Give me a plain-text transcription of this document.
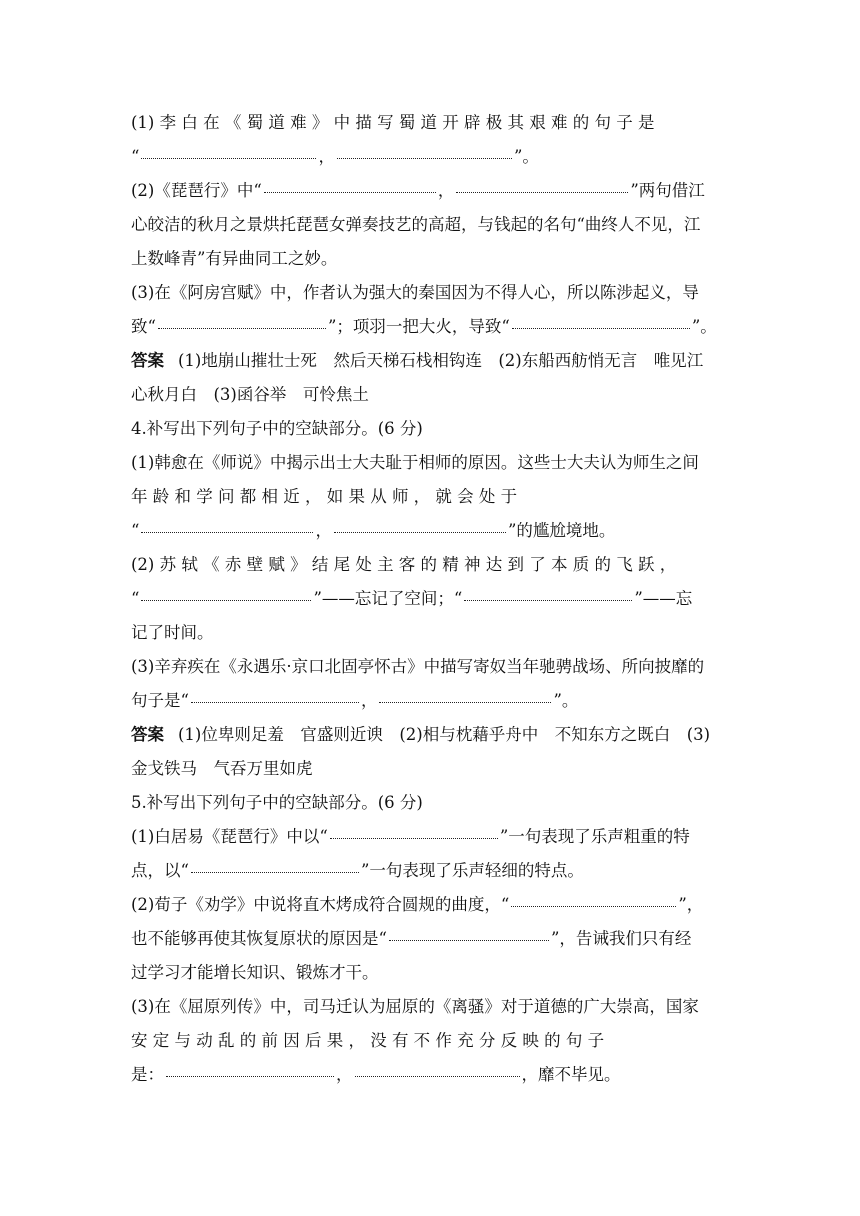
(1) 李 白 在 《 蜀 道 难 》 中 描 写 蜀 道 开 辟 极 其 艰 难 的 句 子 是
“	，	”。

(2)《琵琶行》中“	，	”两句借江
心皎洁的秋月之景烘托琵琶女弹奏技艺的高超，与钱起的名句“曲终人不见，江
上数峰青”有异曲同工之妙。

(3)在《阿房宫赋》中，作者认为强大的秦国因为不得人心，所以陈涉起义，导
致“	”；项羽一把大火，导致“	”。

答案 (1)地崩山摧壮士死　然后天梯石栈相钩连　(2)东船西舫悄无言　唯见江
心秋月白　(3)函谷举　可怜焦土

4.补写出下列句子中的空缺部分。(6 分)

(1)韩愈在《师说》中揭示出士大夫耻于相师的原因。这些士大夫认为师生之间
年 龄 和 学 问 都 相 近 ， 如 果 从 师 ， 就 会 处 于
“	，	”的尴尬境地。

(2) 苏 轼 《 赤 壁 赋 》 结 尾 处 主 客 的 精 神 达 到 了 本 质 的 飞 跃 ，
“	”——忘记了空间；“	”——忘
记了时间。

(3)辛弃疾在《永遇乐·京口北固亭怀古》中描写寄奴当年驰骋战场、所向披靡的
句子是“	，	”。

答案 (1)位卑则足羞　官盛则近谀　(2)相与枕藉乎舟中　不知东方之既白　(3)
金戈铁马　气吞万里如虎

5.补写出下列句子中的空缺部分。(6 分)

(1)白居易《琵琶行》中以“	”一句表现了乐声粗重的特
点，以“	”一句表现了乐声轻细的特点。

(2)荀子《劝学》中说将直木烤成符合圆规的曲度，“	”，
也不能够再使其恢复原状的原因是“	”，告诫我们只有经
过学习才能增长知识、锻炼才干。

(3)在《屈原列传》中，司马迁认为屈原的《离骚》对于道德的广大崇高，国家
安 定 与 动 乱 的 前 因 后 果 ， 没 有 不 作 充 分 反 映 的 句 子
是：	，	，靡不毕见。
